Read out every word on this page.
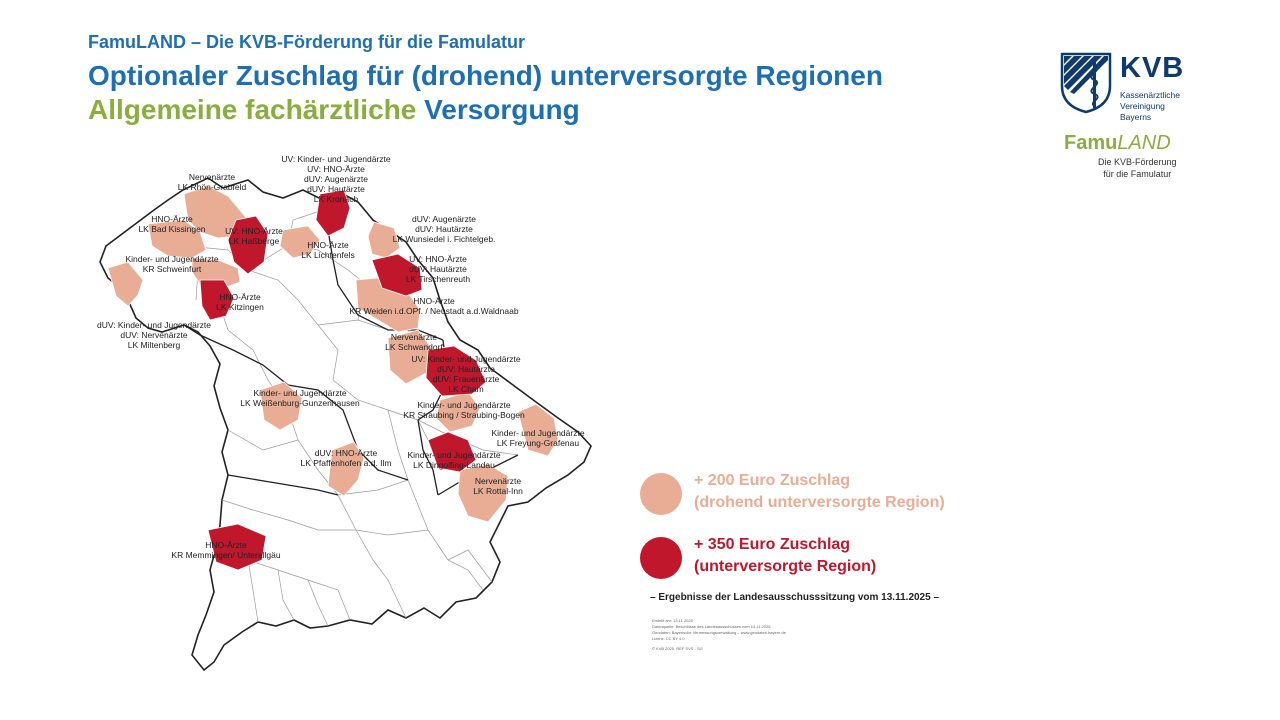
FamuLAND – Die KVB-Förderung für die Famulatur
Optionaler Zuschlag für (drohend) unterversorgte Regionen
Allgemeine fachärztliche Versorgung
KVB
Kassenärztliche
Vereinigung
Bayerns
FamuLAND
Die KVB-Förderung
für die Famulatur
UV: Kinder- und Jugendärzte UV: HNO-Ärzte dUV: Augenärzte dUV: Hautärzte LK Kronach
Nervenärzte LK Rhön-Grabfeld
HNO-Ärzte LK Bad Kissingen UV: HNO-Ärzte LK Haßberge	HNO-Ärzte LK Lichtenfels
dUV: Augenärzte dUV: Hautärzte LK Wunsiedel i. Fichtelgeb.
Kinder- und Jugendärzte KR Schweinfurt
UV: HNO-Ärzte dUV: Hautärzte LK Tirschenreuth
HNO-Ärzte LK Kitzingen
HNO-Ärzte KR Weiden i.d.OPf. / Neustadt a.d.Waldnaab
dUV: Kinder- und Jugendärzte dUV: Nervenärzte LK Miltenberg
Nervenärzte LK Schwandorf
UV: Kinder- und Jugendärzte dUV: Hautärzte dUV: Frauenärzte LK Cham
Kinder- und Jugendärzte LK Weißenburg-Gunzenhausen	Kinder- und Jugendärzte KR Straubing / Straubing-Bogen
Kinder- und Jugendärzte LK Freyung-Grafenau
dUV: HNO-Ärzte LK Pfaffenhofen a.d. Ilm
Kinder- und Jugendärzte LK Dingolfing-Landau
Nervenärzte LK Rottal-Inn
HNO-Ärzte KR Memmingen/ Unterallgäu
+ 200 Euro Zuschlag
(drohend unterversorgte Region)
+ 350 Euro Zuschlag
(unterversorgte Region)
– Ergebnisse der Landesausschusssitzung vom 13.11.2025 –
Erstellt am: 13.11.2025
Datenquelle: Beschlüsse des Landesausschusses vom 13.11.2025
Geodaten: Bayerische Vermessungsverwaltung – www.geodaten.bayern.de
Lizenz: CC BY 4.0
© KVB 2025, REF SVS - SG
